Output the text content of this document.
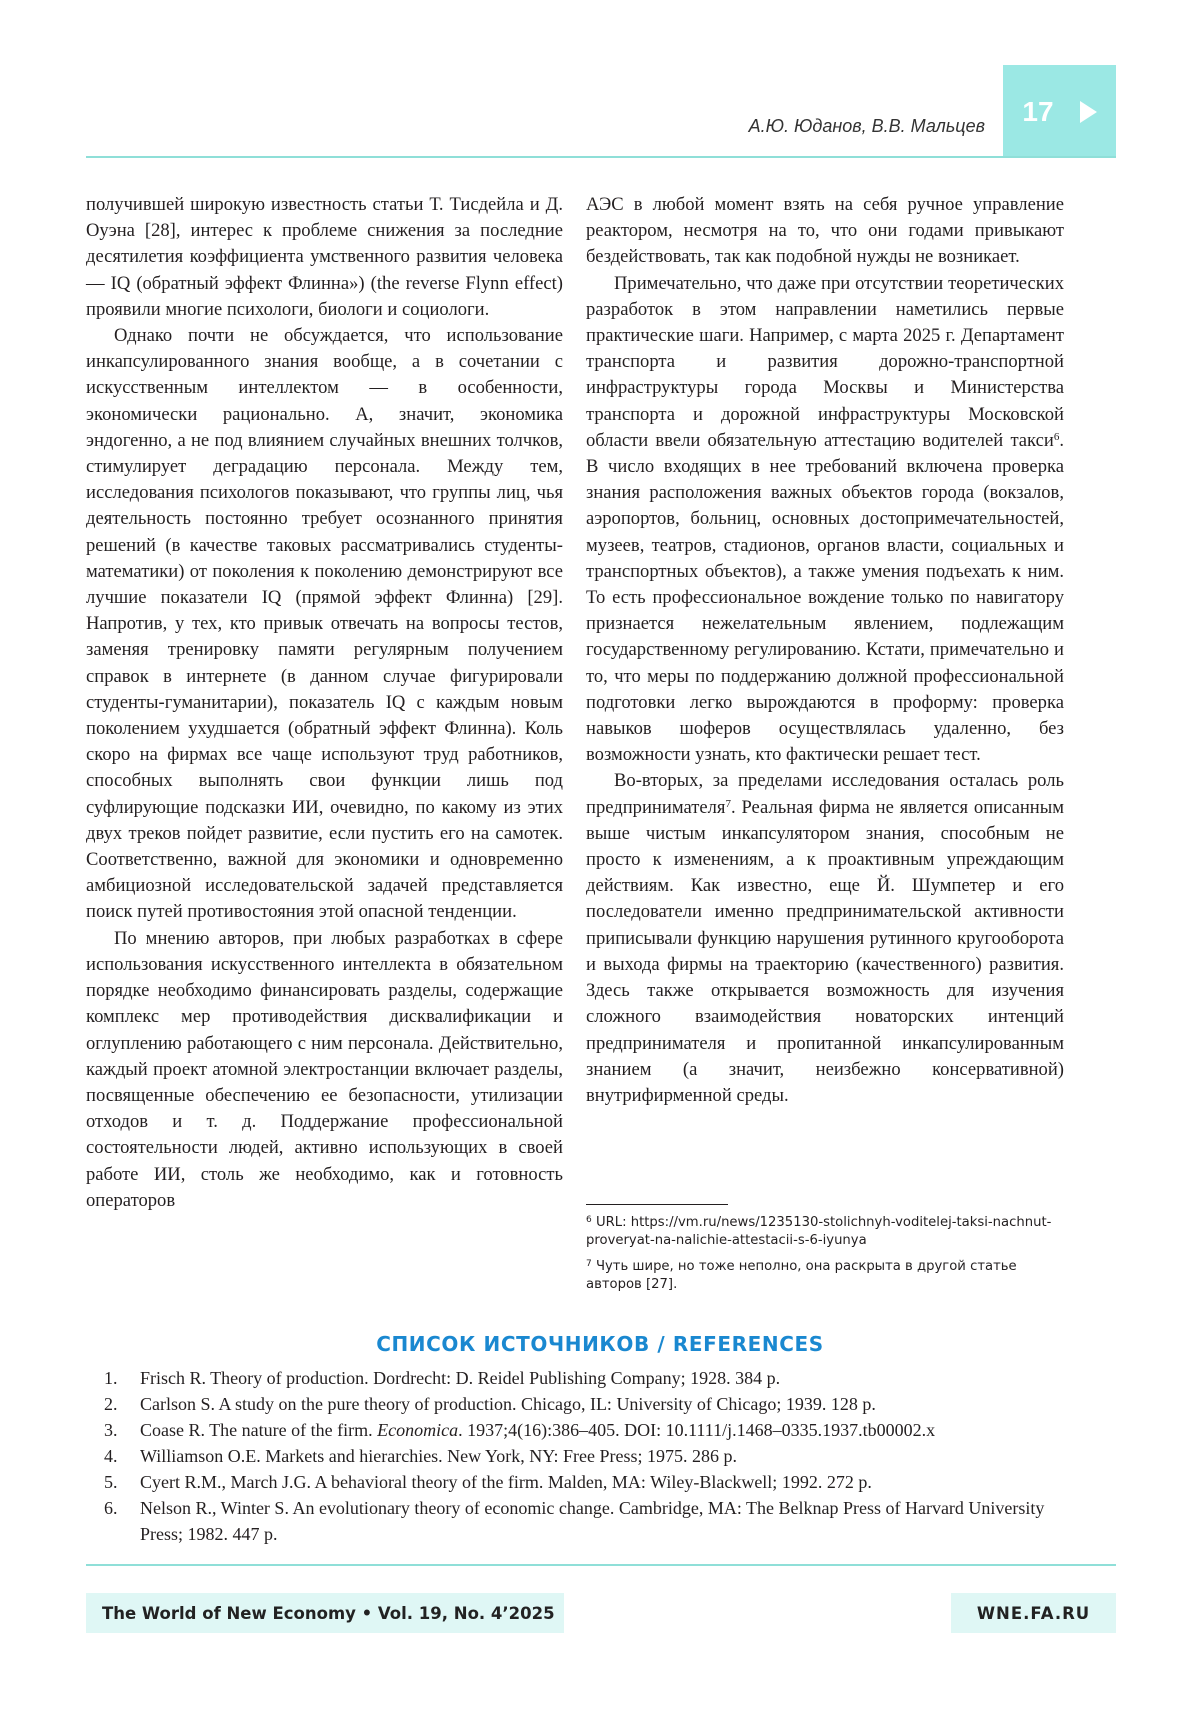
17
А.Ю. Юданов, В.В. Мальцев

получившей широкую известность статьи Т. Тисдейла и Д. Оуэна [28], интерес к проблеме снижения за последние десятилетия коэффициента умственного развития человека — IQ (обратный эффект Флинна») (the reverse Flynn effect) проявили многие психологи, биологи и социологи.

Однако почти не обсуждается, что использование инкапсулированного знания вообще, а в сочетании с искусственным интеллектом — в особенности, экономически рационально. А, значит, экономика эндогенно, а не под влиянием случайных внешних толчков, стимулирует деградацию персонала. Между тем, исследования психологов показывают, что группы лиц, чья деятельность постоянно требует осознанного принятия решений (в качестве таковых рассматривались студенты-математики) от поколения к поколению демонстрируют все лучшие показатели IQ (прямой эффект Флинна) [29]. Напротив, у тех, кто привык отвечать на вопросы тестов, заменяя тренировку памяти регулярным получением справок в интернете (в данном случае фигурировали студенты-гуманитарии), показатель IQ с каждым новым поколением ухудшается (обратный эффект Флинна). Коль скоро на фирмах все чаще используют труд работников, способных выполнять свои функции лишь под суфлирующие подсказки ИИ, очевидно, по какому из этих двух треков пойдет развитие, если пустить его на самотек. Соответственно, важной для экономики и одновременно амбициозной исследовательской задачей представляется поиск путей противостояния этой опасной тенденции.

По мнению авторов, при любых разработках в сфере использования искусственного интеллекта в обязательном порядке необходимо финансировать разделы, содержащие комплекс мер противодействия дисквалификации и оглуплению работающего с ним персонала. Действительно, каждый проект атомной электростанции включает разделы, посвященные обеспечению ее безопасности, утилизации отходов и т. д. Поддержание профессиональной состоятельности людей, активно использующих в своей работе ИИ, столь же необходимо, как и готовность операторов

АЭС в любой момент взять на себя ручное управление реактором, несмотря на то, что они годами привыкают бездействовать, так как подобной нужды не возникает.

Примечательно, что даже при отсутствии теоретических разработок в этом направлении наметились первые практические шаги. Например, с марта 2025 г. Департамент транспорта и развития дорожно-транспортной инфраструктуры города Москвы и Министерства транспорта и дорожной инфраструктуры Московской области ввели обязательную аттестацию водителей такси$^6$. В число входящих в нее требований включена проверка знания расположения важных объектов города (вокзалов, аэропортов, больниц, основных достопримечательностей, музеев, театров, стадионов, органов власти, социальных и транспортных объектов), а также умения подъехать к ним. То есть профессиональное вождение только по навигатору признается нежелательным явлением, подлежащим государственному регулированию. Кстати, примечательно и то, что меры по поддержанию должной профессиональной подготовки легко вырождаются в проформу: проверка навыков шоферов осуществлялась удаленно, без возможности узнать, кто фактически решает тест.

Во-вторых, за пределами исследования осталась роль предпринимателя$^7$. Реальная фирма не является описанным выше чистым инкапсулятором знания, способным не просто к изменениям, а к проактивным упреждающим действиям. Как известно, еще Й. Шумпетер и его последователи именно предпринимательской активности приписывали функцию нарушения рутинного кругооборота и выхода фирмы на траекторию (качественного) развития. Здесь также открывается возможность для изучения сложного взаимодействия новаторских интенций предпринимателя и пропитанной инкапсулированным знанием (а значит, неизбежно консервативной) внутрифирменной среды.

$^6$ URL: https://vm.ru/news/1235130-stolichnyh-voditelej-taksi-nachnut-proveryat-na-nalichie-attestacii-s-6-iyunya

$^7$ Чуть шире, но тоже неполно, она раскрыта в другой статье авторов [27].

СПИСОК ИСТОЧНИКОВ / REFERENCES
1.	Frisch R. Theory of production. Dordrecht: D. Reidel Publishing Company; 1928. 384 p.
2.	Carlson S. A study on the pure theory of production. Chicago, IL: University of Chicago; 1939. 128 p.
3.	Coase R. The nature of the firm. Economica. 1937;4(16):386–405. DOI: 10.1111/j.1468–0335.1937.tb00002.x
4.	Williamson O.E. Markets and hierarchies. New York, NY: Free Press; 1975. 286 p.
5.	Cyert R.M., March J.G. A behavioral theory of the firm. Malden, MA: Wiley-Blackwell; 1992. 272 p.
6.	Nelson R., Winter S. An evolutionary theory of economic change. Cambridge, MA: The Belknap Press of Harvard University Press; 1982. 447 p.
The World of New Economy • Vol. 19, No. 4’2025	WNE.FA.RU
